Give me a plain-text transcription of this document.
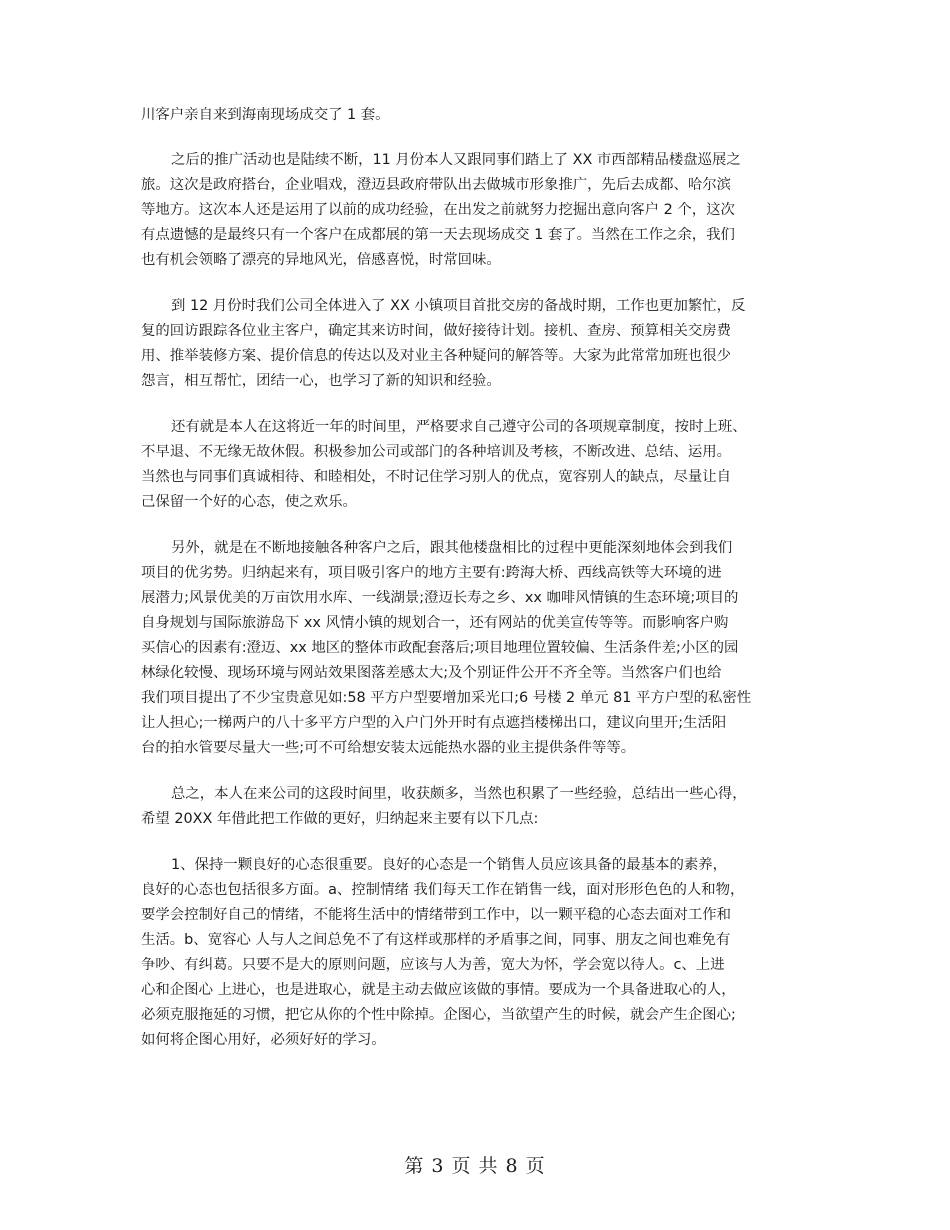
川客户亲自来到海南现场成交了 1 套。
之后的推广活动也是陆续不断，11 月份本人又跟同事们踏上了 XX 市西部精品楼盘巡展之
旅。这次是政府搭台，企业唱戏，澄迈县政府带队出去做城市形象推广，先后去成都、哈尔滨
等地方。这次本人还是运用了以前的成功经验，在出发之前就努力挖掘出意向客户 2 个，这次
有点遗憾的是最终只有一个客户在成都展的第一天去现场成交 1 套了。当然在工作之余，我们
也有机会领略了漂亮的异地风光，倍感喜悦，时常回味。
到 12 月份时我们公司全体进入了 XX 小镇项目首批交房的备战时期，工作也更加繁忙，反
复的回访跟踪各位业主客户，确定其来访时间，做好接待计划。接机、查房、预算相关交房费
用、推举装修方案、提价信息的传达以及对业主各种疑问的解答等。大家为此常常加班也很少
怨言，相互帮忙，团结一心，也学习了新的知识和经验。
还有就是本人在这将近一年的时间里，严格要求自己遵守公司的各项规章制度，按时上班、
不早退、不无缘无故休假。积极参加公司或部门的各种培训及考核，不断改进、总结、运用。
当然也与同事们真诚相待、和睦相处，不时记住学习别人的优点，宽容别人的缺点，尽量让自
己保留一个好的心态，使之欢乐。
另外，就是在不断地接触各种客户之后，跟其他楼盘相比的过程中更能深刻地体会到我们
项目的优劣势。归纳起来有，项目吸引客户的地方主要有:跨海大桥、西线高铁等大环境的进
展潜力;风景优美的万亩饮用水库、一线湖景;澄迈长寿之乡、xx 咖啡风情镇的生态环境;项目的
自身规划与国际旅游岛下 xx 风情小镇的规划合一，还有网站的优美宣传等等。而影响客户购
买信心的因素有:澄迈、xx 地区的整体市政配套落后;项目地理位置较偏、生活条件差;小区的园
林绿化较慢、现场环境与网站效果图落差感太大;及个别证件公开不齐全等。当然客户们也给
我们项目提出了不少宝贵意见如:58 平方户型要增加采光口;6 号楼 2 单元 81 平方户型的私密性
让人担心;一梯两户的八十多平方户型的入户门外开时有点遮挡楼梯出口，建议向里开;生活阳
台的拍水管要尽量大一些;可不可给想安装太远能热水器的业主提供条件等等。
总之，本人在来公司的这段时间里，收获颇多，当然也积累了一些经验，总结出一些心得，
希望 20XX 年借此把工作做的更好，归纳起来主要有以下几点:
1、保持一颗良好的心态很重要。良好的心态是一个销售人员应该具备的最基本的素养，
良好的心态也包括很多方面。a、控制情绪 我们每天工作在销售一线，面对形形色色的人和物，
要学会控制好自己的情绪，不能将生活中的情绪带到工作中，以一颗平稳的心态去面对工作和
生活。b、宽容心 人与人之间总免不了有这样或那样的矛盾事之间，同事、朋友之间也难免有
争吵、有纠葛。只要不是大的原则问题，应该与人为善，宽大为怀，学会宽以待人。c、上进
心和企图心 上进心，也是进取心，就是主动去做应该做的事情。要成为一个具备进取心的人，
必须克服拖延的习惯，把它从你的个性中除掉。企图心，当欲望产生的时候，就会产生企图心;
如何将企图心用好，必须好好的学习。
第 3 页 共 8 页
